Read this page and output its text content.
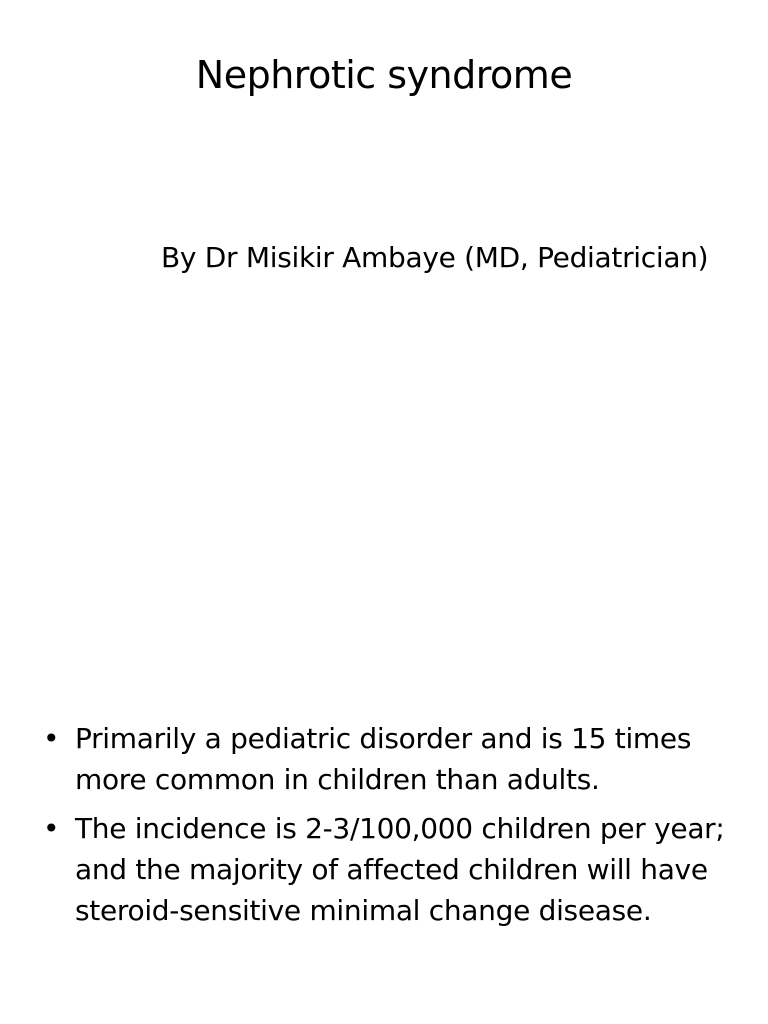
Nephrotic syndrome

By Dr Misikir Ambaye (MD, Pediatrician)

• Primarily a pediatric disorder and is 15 times more common in children than adults.
• The incidence is 2-3/100,000 children per year; and the majority of affected children will have steroid-sensitive minimal change disease.
